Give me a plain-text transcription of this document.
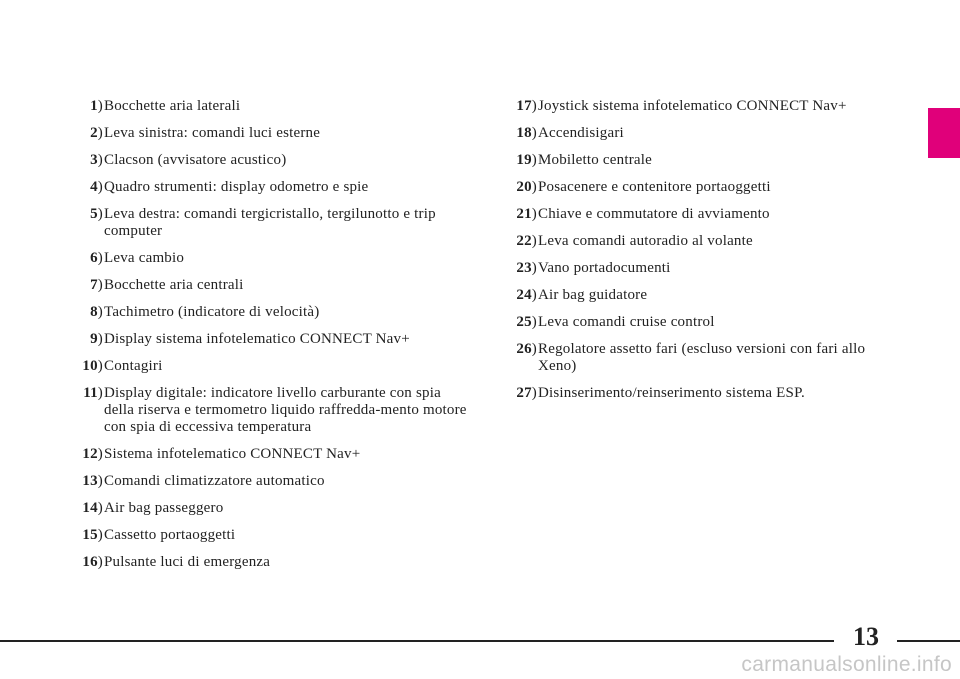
1) Bocchette aria laterali
2) Leva sinistra: comandi luci esterne
3) Clacson (avvisatore acustico)
4) Quadro strumenti: display odometro e spie
5) Leva destra: comandi tergicristallo, tergilunotto e trip computer
6) Leva cambio
7) Bocchette aria centrali
8) Tachimetro (indicatore di velocità)
9) Display sistema infotelematico CONNECT Nav+
10) Contagiri
11) Display digitale: indicatore livello carburante con spia della riserva e termometro liquido raffredda-mento motore con spia di eccessiva temperatura
12) Sistema infotelematico CONNECT Nav+
13) Comandi climatizzatore automatico
14) Air bag passeggero
15) Cassetto portaoggetti
16) Pulsante luci di emergenza
17) Joystick sistema infotelematico CONNECT Nav+
18) Accendisigari
19) Mobiletto centrale
20) Posacenere e contenitore portaoggetti
21) Chiave e commutatore di avviamento
22) Leva comandi autoradio al volante
23) Vano portadocumenti
24) Air bag guidatore
25) Leva comandi cruise control
26) Regolatore assetto fari (escluso versioni con fari allo Xeno)
27) Disinserimento/reinserimento sistema ESP.
13
carmanualsonline.info
